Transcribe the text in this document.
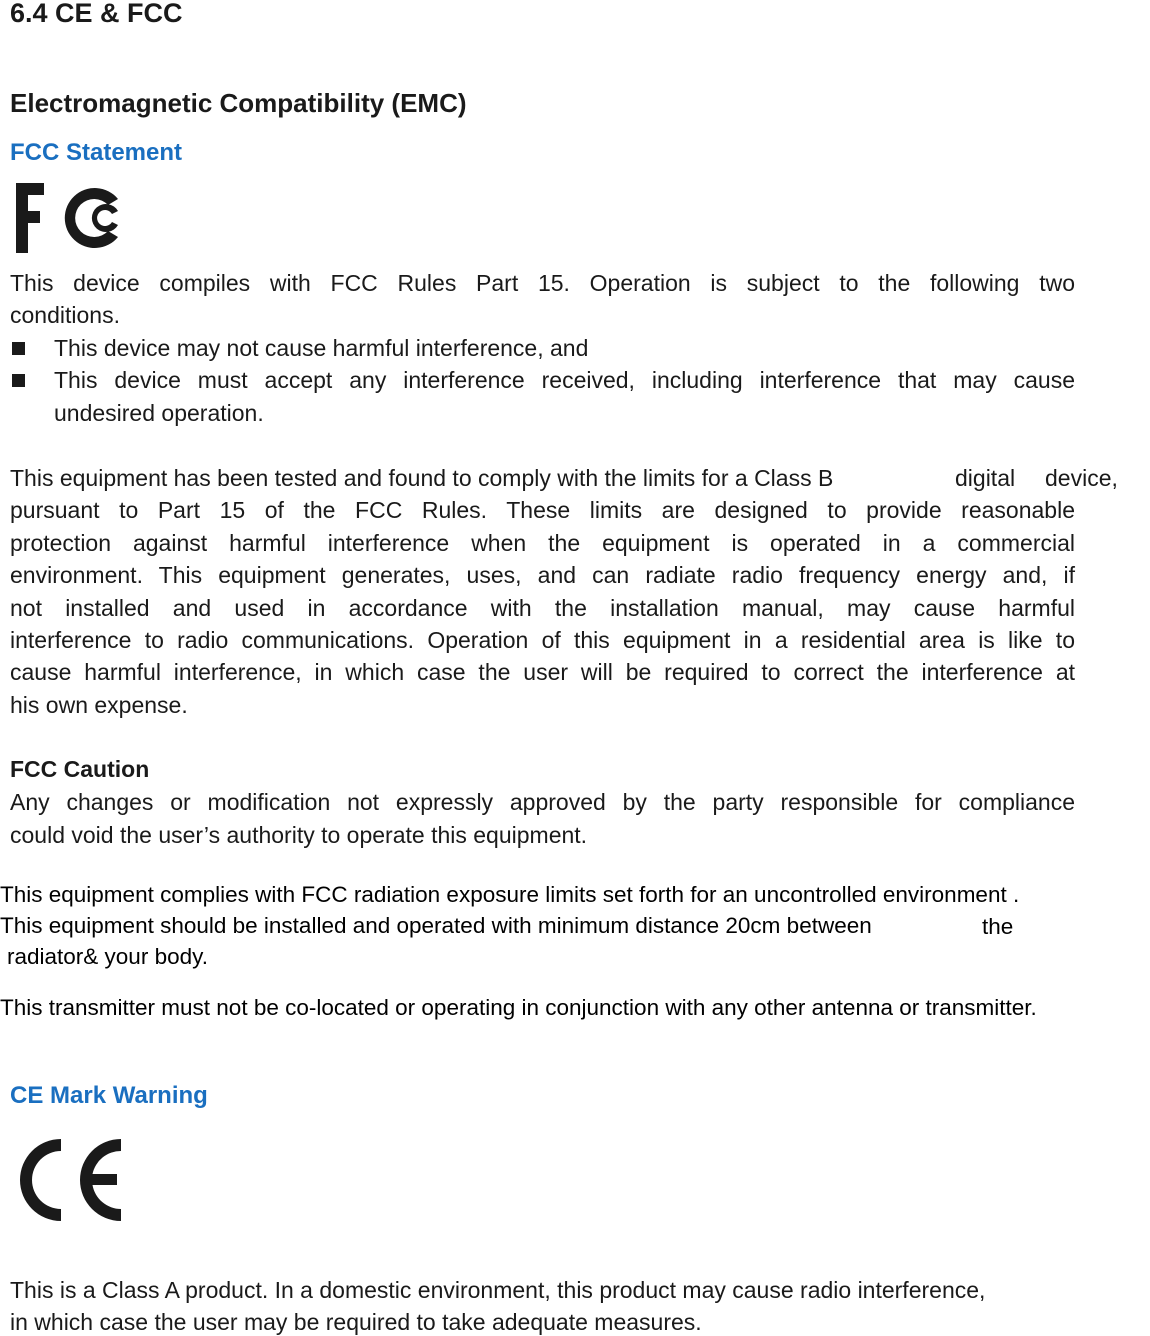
6.4 CE & FCC
Electromagnetic Compatibility (EMC)
FCC Statement
This device compiles with FCC Rules Part 15. Operation is subject to the following two
conditions.
This device may not cause harmful interference, and
This device must accept any interference received, including interference that may cause
undesired operation.
This equipment has been tested and found to comply with the limits for a Class B	digital device,
pursuant to Part 15 of the FCC Rules. These limits are designed to provide reasonable
protection against harmful interference when the equipment is operated in a commercial
environment. This equipment generates, uses, and can radiate radio frequency energy and, if
not installed and used in accordance with the installation manual, may cause harmful
interference to radio communications. Operation of this equipment in a residential area is like to
cause harmful interference, in which case the user will be required to correct the interference at
his own expense.
FCC Caution
Any changes or modification not expressly approved by the party responsible for compliance
could void the user’s authority to operate this equipment.
This equipment complies with FCC radiation exposure limits set forth for an uncontrolled environment .
This equipment should be installed and operated with minimum distance 20cm between	the
radiator& your body.
This transmitter must not be co-located or operating in conjunction with any other antenna or transmitter.
CE Mark Warning
This is a Class A product. In a domestic environment, this product may cause radio interference,
in which case the user may be required to take adequate measures.
